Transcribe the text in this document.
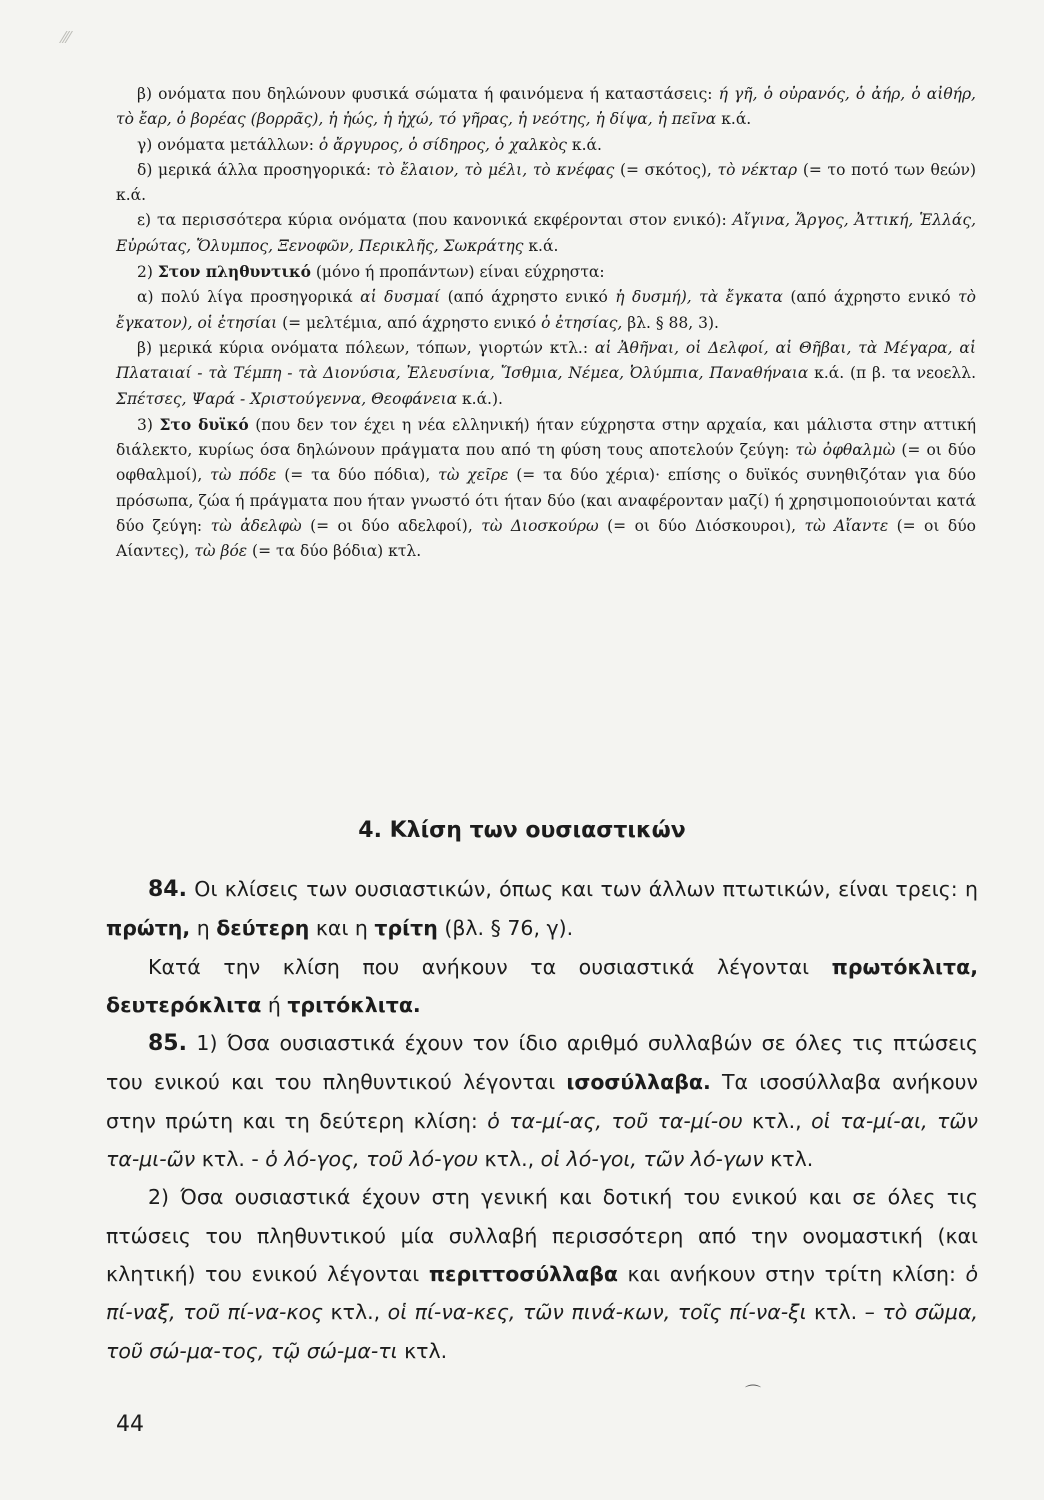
⁄⁄⁄

β) ονόματα που δηλώνουν φυσικά σώματα ή φαινόμενα ή καταστάσεις: ή γῆ, ὁ οὐρανός, ὁ ἀήρ, ὁ αἰθήρ, τὸ ἔαρ, ὁ βορέας (βορρᾶς), ἡ ἠώς, ἡ ἠχώ, τό γῆρας, ἡ νεότης, ἡ δίψα, ἡ πεῖνα κ.ά.

γ) ονόματα μετάλλων: ὁ ἄργυρος, ὁ σίδηρος, ὁ χαλκὸς κ.ά.

δ) μερικά άλλα προσηγορικά: τὸ ἔλαιον, τὸ μέλι, τὸ κνέφας (= σκότος), τὸ νέκταρ (= το ποτό των θεών) κ.ά.

ε) τα περισσότερα κύρια ονόματα (που κανονικά εκφέρονται στον ενικό): Αἴγινα, Ἄργος, Ἀττική, Ἑλλάς, Εὐρώτας, Ὄλυμπος, Ξενοφῶν, Περικλῆς, Σωκράτης κ.ά.

2) Στον πληθυντικό (μόνο ή προπάντων) είναι εύχρηστα:

α) πολύ λίγα προσηγορικά αἱ δυσμαί (από άχρηστο ενικό ἡ δυσμή), τὰ ἔγκατα (από άχρηστο ενικό τὸ ἔγκατον), οἱ ἐτησίαι (= μελτέμια, από άχρηστο ενικό ὁ ἐτησίας, βλ. § 88, 3).

β) μερικά κύρια ονόματα πόλεων, τόπων, γιορτών κτλ.: αἱ Ἀθῆναι, οἱ Δελφοί, αἱ Θῆβαι, τὰ Μέγαρα, αἱ Πλαταιαί - τὰ Τέμπη - τὰ Διονύσια, Ἐλευσίνια, Ἴσθμια, Νέμεα, Ὀλύμπια, Παναθήναια κ.ά. (π β. τα νεοελλ. Σπέτσες, Ψαρά - Χριστούγεννα, Θεοφάνεια κ.ά.).

3) Στο δυϊκό (που δεν τον έχει η νέα ελληνική) ήταν εύχρηστα στην αρχαία, και μάλιστα στην αττική διάλεκτο, κυρίως όσα δηλώνουν πράγματα που από τη φύση τους αποτελούν ζεύγη: τὼ ὀφθαλμὼ (= οι δύο οφθαλμοί), τὼ πόδε (= τα δύο πόδια), τὼ χεῖρε (= τα δύο χέρια)· επίσης ο δυϊκός συνηθιζόταν για δύο πρόσωπα, ζώα ή πράγματα που ήταν γνωστό ότι ήταν δύο (και αναφέρονταν μαζί) ή χρησιμοποιούνται κατά δύο ζεύγη: τὼ ἀδελφὼ (= οι δύο αδελφοί), τὼ Διοσκούρω (= οι δύο Διόσκουροι), τὼ Αἴαντε (= οι δύο Αίαντες), τὼ βόε (= τα δύο βόδια) κτλ.

4. Κλίση των ουσιαστικών

84. Οι κλίσεις των ουσιαστικών, όπως και των άλλων πτωτικών, είναι τρεις: η πρώτη, η δεύτερη και η τρίτη (βλ. § 76, γ).

Κατά την κλίση που ανήκουν τα ουσιαστικά λέγονται πρωτόκλιτα, δευτερόκλιτα ή τριτόκλιτα.

85. 1) Όσα ουσιαστικά έχουν τον ίδιο αριθμό συλλαβών σε όλες τις πτώσεις του ενικού και του πληθυντικού λέγονται ισοσύλλαβα. Τα ισοσύλλαβα ανήκουν στην πρώτη και τη δεύτερη κλίση: ὁ τα-μί-ας, τοῦ τα-μί-ου κτλ., οἱ τα-μί-αι, τῶν τα-μι-ῶν κτλ. - ὁ λό-γος, τοῦ λό-γου κτλ., οἱ λό-γοι, τῶν λό-γων κτλ.

2) Όσα ουσιαστικά έχουν στη γενική και δοτική του ενικού και σε όλες τις πτώσεις του πληθυντικού μία συλλαβή περισσότερη από την ονομαστική (και κλητική) του ενικού λέγονται περιττοσύλλαβα και ανήκουν στην τρίτη κλίση: ὁ πί-ναξ, τοῦ πί-να-κος κτλ., οἱ πί-να-κες, τῶν πινά-κων, τοῖς πί-να-ξι κτλ. – τὸ σῶμα, τοῦ σώ-μα-τος, τῷ σώ-μα-τι κτλ.

⌒
44
